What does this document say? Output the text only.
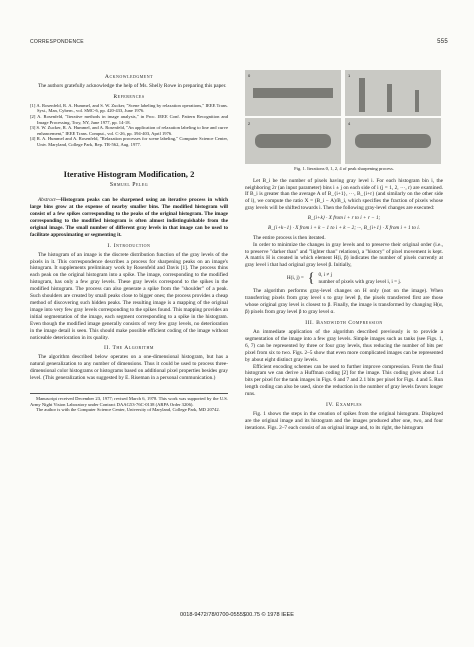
CORRESPONDENCE	555
Acknowledgment

The authors gratefully acknowledge the help of Ms. Shelly Rowe in preparing this paper.

References

[1] A. Rosenfeld, R. A. Hummel, and S. W. Zucker, "Scene labeling by relaxation operations," IEEE Trans. Syst., Man, Cybern., vol. SMC-6, pp. 420-433, June 1976.

[2] A. Rosenfeld, "Iterative methods in image analysis," in Proc. IEEE Conf. Pattern Recognition and Image Processing, Troy, NY, June 1977, pp. 14-18.

[3] S. W. Zucker, R. A. Hummel, and A. Rosenfeld, "An application of relaxation labeling to line and curve enhancement," IEEE Trans. Comput., vol. C-26, pp. 394-403, April 1976.

[4] R. A. Hummel and A. Rosenfeld, "Relaxation processes for scene labeling," Computer Science Center, Univ. Maryland, College Park, Rep. TR-562, Aug. 1977.

Iterative Histogram Modification, 2
Shmuel Peleg

Abstract—Histogram peaks can be sharpened using an iterative process in which large bins grow at the expense of nearby smaller bins. The modified histogram will consist of a few spikes corresponding to the peaks of the original histogram. The image corresponding to the modified histogram is often almost indistinguishable from the original image. The small number of different gray levels in that image can be used to facilitate approximating or segmenting it.

I. Introduction

The histogram of an image is the discrete distribution function of the gray levels of the pixels in it. This correspondence describes a process for sharpening peaks on an image's histogram. It supplements preliminary work by Rosenfeld and Davis [1]. The process thins each peak on the original histogram into a spike. The image, corresponding to the modified histogram, has only a few gray levels. These gray levels correspond to the spikes in the modified histogram. The process can also generate a spike from the "shoulder" of a peak. Such shoulders are created by small peaks close to bigger ones; the process provides a cheap method of discovering such hidden peaks. The resulting image is a mapping of the original image into very few gray levels corresponding to the spikes found. This mapping provides an initial segmentation of the image, each segment corresponding to a spike in the histogram. Even though the modified image generally consists of very few gray levels, no deterioration in the image detail is seen. This should make possible efficient coding of the image without noticeable deterioration in its quality.

II. The Algorithm

The algorithm described below operates on a one-dimensional histogram, but has a natural generalization to any number of dimensions. Thus it could be used to process three-dimensional color histograms or histograms based on additional pixel properties besides gray level. (This generalization was suggested by E. Riseman in a personal communication.)

Manuscript received December 23, 1977; revised March 6, 1978. This work was supported by the U.S. Army Night Vision Laboratory under Contract DAAG53-76C-0138 (ARPA Order 3206).

The author is with the Computer Science Center, University of Maryland, College Park, MD 20742.

0	1
2	4
Fig. 1. Iterations 0, 1, 2, 4 of peak sharpening process.

Let B_i be the number of pixels having gray level i. For each histogram bin i, the neighboring 2r (an input parameter) bins i ± j on each side of i (j = 1, 2, ···, r) are examined. If B_i is greater than the average A of B_{i+1}, ···, B_{i+r} (and similarly on the other side of i), we compute the ratio X = (B_i − A)/B_i, which specifies the fraction of pixels whose gray levels will be shifted towards i. Then the following gray-level changes are executed:

B_{i+k} · X from i + r to i + r − 1;
B_{i+k−1} · X from i + k − 1 to i + k − 2; ···, B_{i+1} · X from i + 1 to i.

The entire process is then iterated.

In order to minimize the changes in gray levels and to preserve their original order (i.e., to preserve "darker than" and "lighter than" relations), a "history" of pixel movement is kept. A matrix H is created in which element H(i, β) indicates the number of pixels currently at gray level i that had original gray level β. Initially,

H(i, j) = { 0, i ≠ j
number of pixels with gray level i, i = j.

The algorithm performs gray-level changes on H only (not on the image). When transferring pixels from gray level s to gray level β, the pixels transferred first are those whose original gray level is closest to β. Finally, the image is transformed by changing H(α, β) pixels from gray level β to gray level α.

III. Bandwidth Compression

An immediate application of the algorithm described previously is to provide a segmentation of the image into a few gray levels. Simple images such as tanks (see Figs. 1, 6, 7) can be represented by three or four gray levels, thus reducing the number of bits per pixel from six to two. Figs. 2–5 show that even more complicated images can be represented by about eight distinct gray levels.

Efficient encoding schemes can be used to further improve compression. From the final histogram we can derive a Huffman coding [2] for the image. This coding gives about 1.4 bits per pixel for the tank images in Figs. 6 and 7 and 2.1 bits per pixel for Figs. 4 and 5. Run length coding can also be used, since the reduction in the number of gray levels favors longer runs.

IV. Examples

Fig. 1 shows the steps in the creation of spikes from the original histogram. Displayed are the original image and its histogram and the images produced after one, two, and four iterations. Figs. 2–7 each consist of an original image and, to its right, the histogram

0018-9472/78/0700-0555$00.75 © 1978 IEEE
